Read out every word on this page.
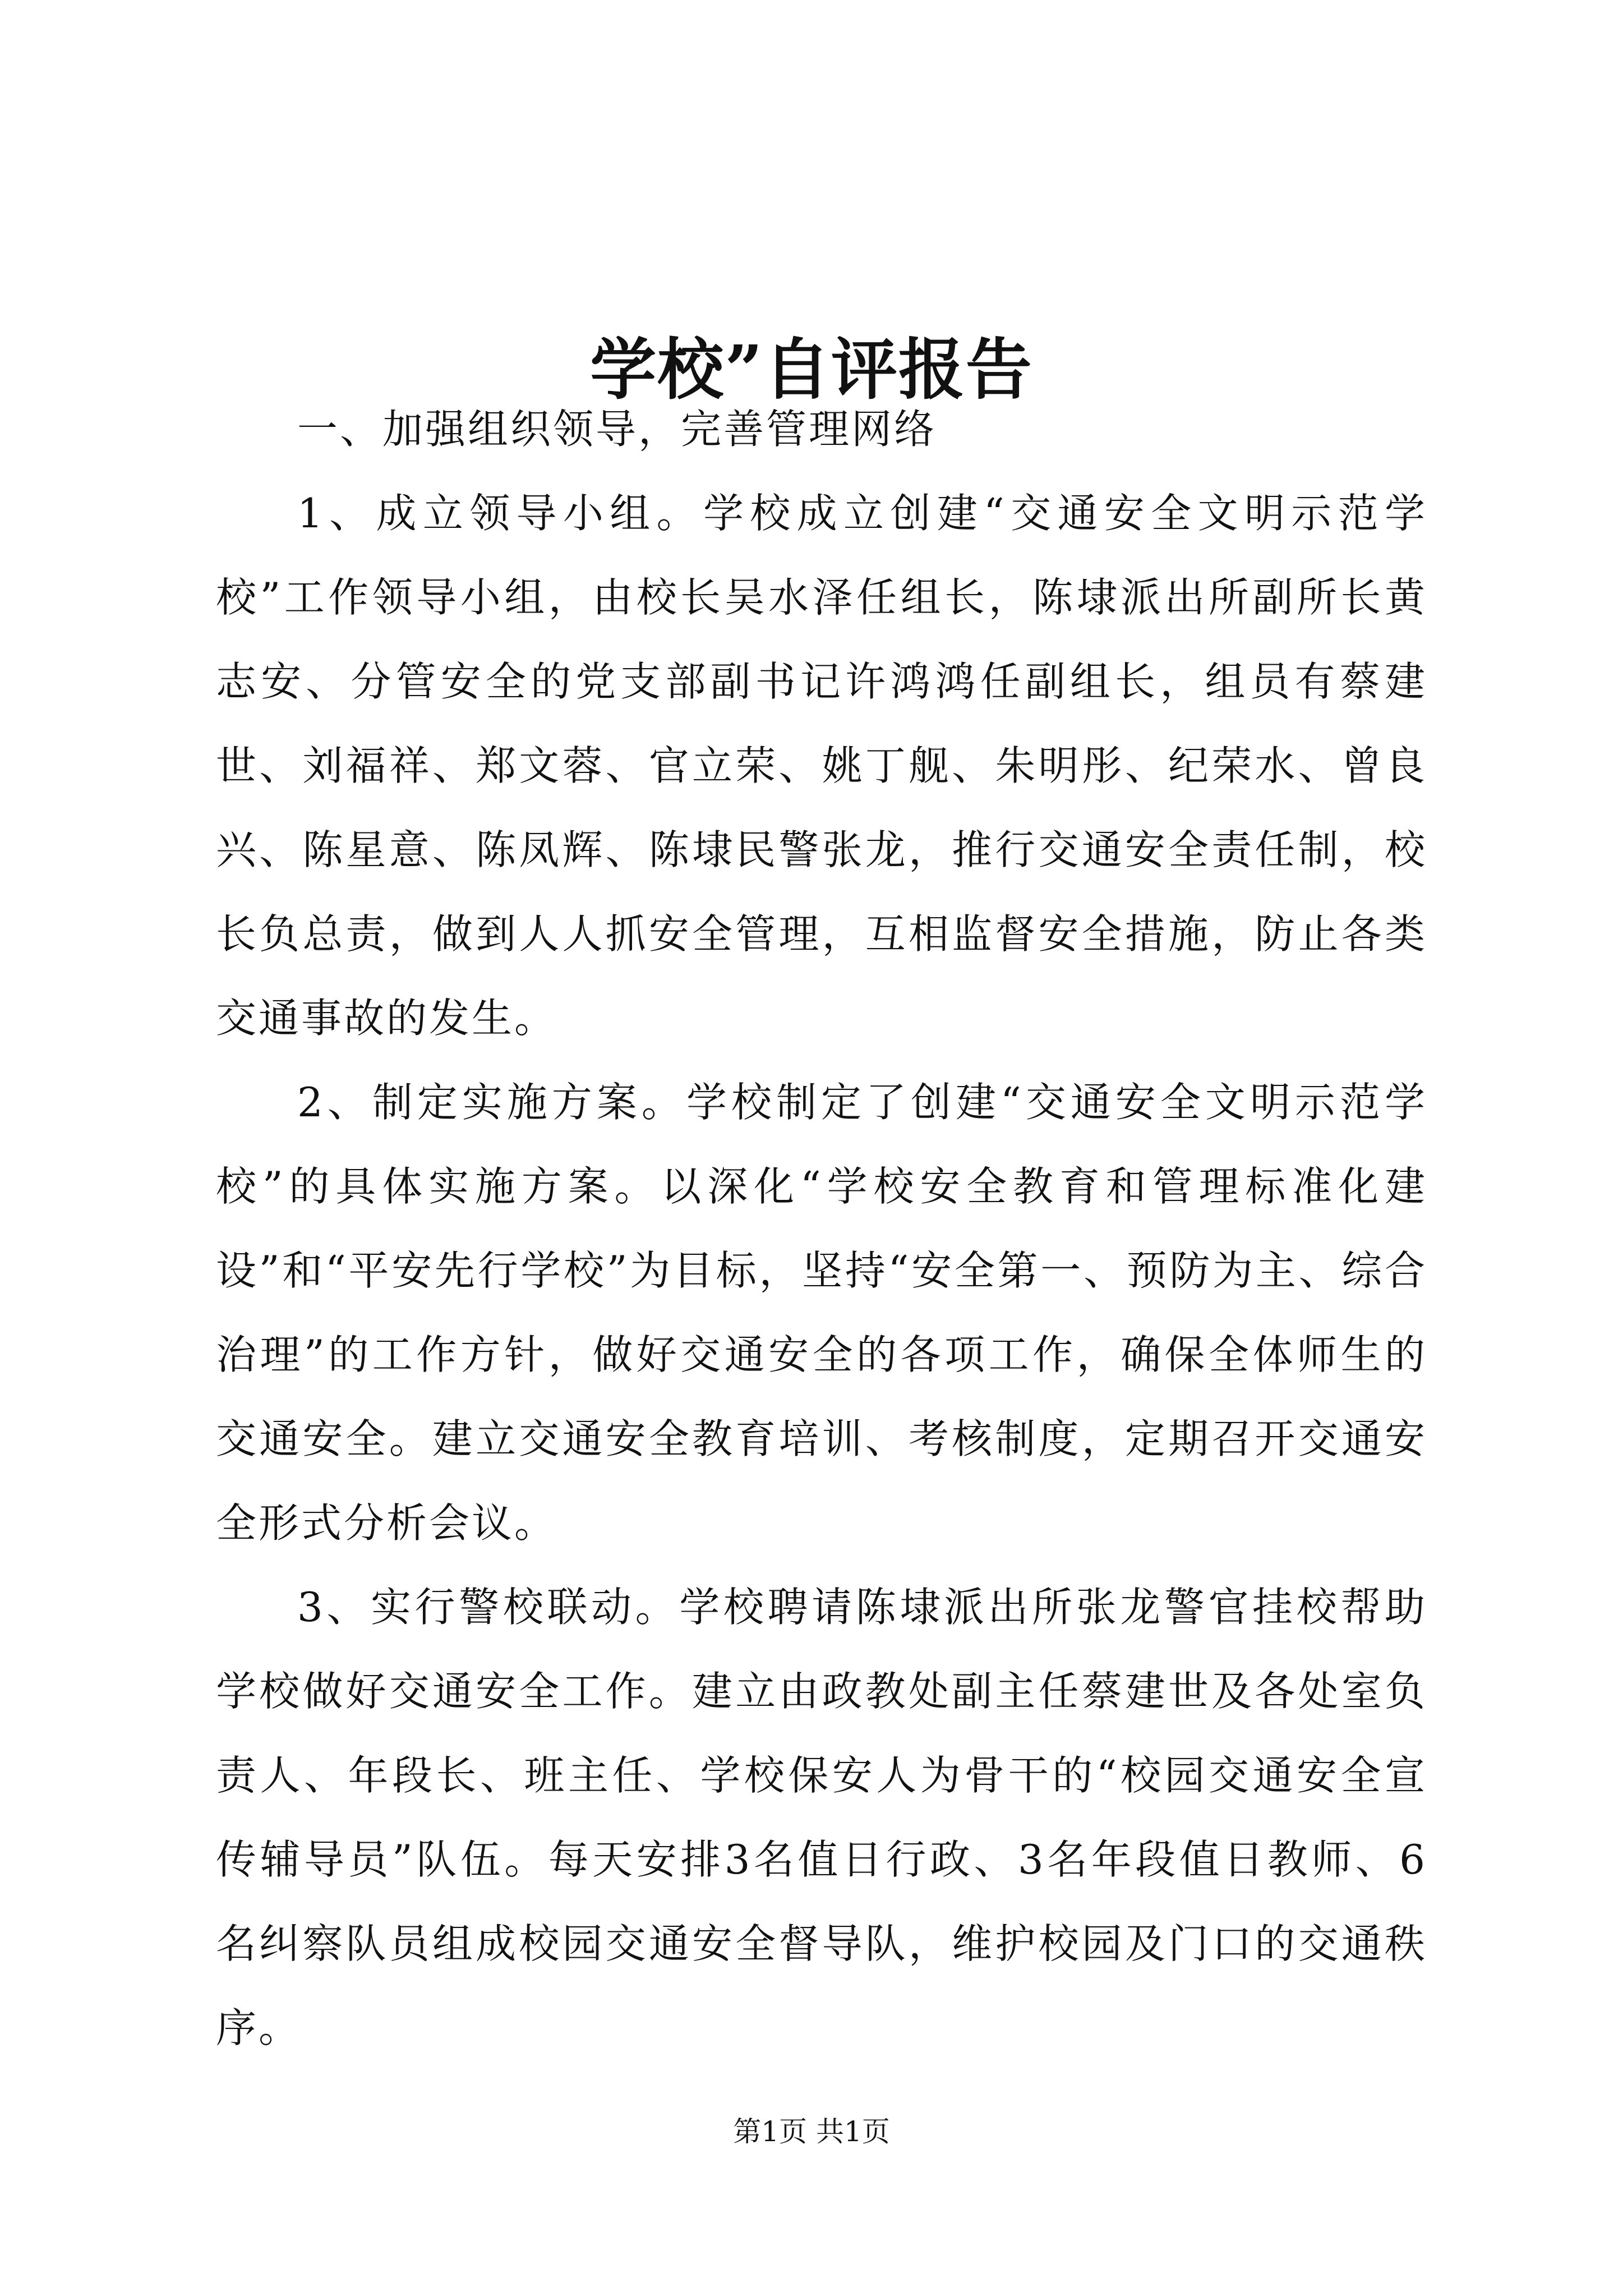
学校”自评报告

一、加强组织领导，完善管理网络

1、成立领导小组。学校成立创建“交通安全文明示范学校”工作领导小组，由校长吴水泽任组长，陈埭派出所副所长黄志安、分管安全的党支部副书记许鸿鸿任副组长，组员有蔡建世、刘福祥、郑文蓉、官立荣、姚丁舰、朱明彤、纪荣水、曾良兴、陈星意、陈凤辉、陈埭民警张龙，推行交通安全责任制，校长负总责，做到人人抓安全管理，互相监督安全措施，防止各类交通事故的发生。

2、制定实施方案。学校制定了创建“交通安全文明示范学校”的具体实施方案。以深化“学校安全教育和管理标准化建设”和“平安先行学校”为目标，坚持“安全第一、预防为主、综合治理”的工作方针，做好交通安全的各项工作，确保全体师生的交通安全。建立交通安全教育培训、考核制度，定期召开交通安全形式分析会议。

3、实行警校联动。学校聘请陈埭派出所张龙警官挂校帮助学校做好交通安全工作。建立由政教处副主任蔡建世及各处室负责人、年段长、班主任、学校保安人为骨干的“校园交通安全宣传辅导员”队伍。每天安排3名值日行政、3名年段值日教师、6名纠察队员组成校园交通安全督导队，维护校园及门口的交通秩序。

第1页 共1页
